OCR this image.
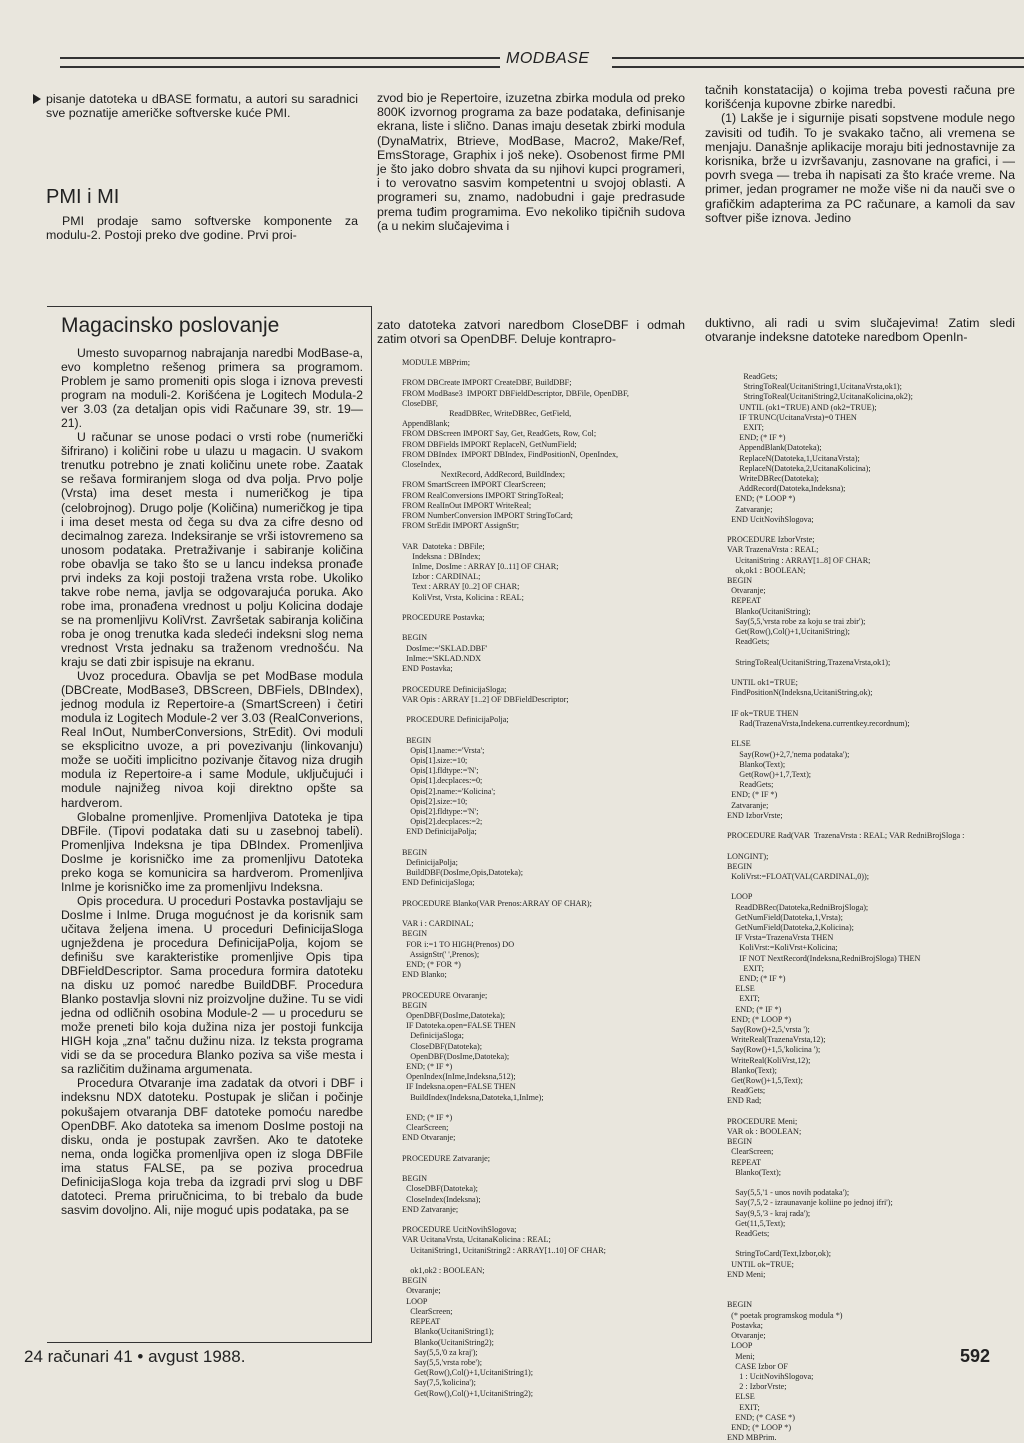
MODBASE

pisanje datoteka u dBASE formatu, a autori su saradnici sve poznatije američke softverske kuće PMI.

PMI i MI

PMI prodaje samo softverske komponente za modulu-2. Postoji preko dve godine. Prvi proi-

zvod bio je Repertoire, izuzetna zbirka modula od preko 800K izvornog programa za baze podataka, definisanje ekrana, liste i slično. Danas imaju desetak zbirki modula (DynaMatrix, Btrieve, ModBase, Macro2, Make/Ref, EmsStorage, Graphix i još neke). Osobenost firme PMI je što jako dobro shvata da su njihovi kupci programeri, i to verovatno sasvim kompetentni u svojoj oblasti. A programeri su, znamo, nadobudni i gaje predrasude prema tuđim programima. Evo nekoliko tipičnih sudova (a u nekim slučajevima i

tačnih konstatacija) o kojima treba povesti računa pre korišćenja kupovne zbirke naredbi.

(1) Lakše je i sigurnije pisati sopstvene module nego zavisiti od tuđih. To je svakako tačno, ali vremena se menjaju. Današnje aplikacije moraju biti jednostavnije za korisnika, brže u izvršavanju, zasnovane na grafici, i — povrh svega — treba ih napisati za što kraće vreme. Na primer, jedan programer ne može više ni da nauči sve o grafičkim adapterima za PC računare, a kamoli da sav softver piše iznova. Jedino

Magacinsko poslovanje

Umesto suvoparnog nabrajanja naredbi ModBase-a, evo kompletno rešenog primera sa programom. Problem je samo promeniti opis sloga i iznova prevesti program na moduli-2. Korišćena je Logitech Modula-2 ver 3.03 (za detaljan opis vidi Računare 39, str. 19—21).

U računar se unose podaci o vrsti robe (numerički šifrirano) i količini robe u ulazu u magacin. U svakom trenutku potrebno je znati količinu unete robe. Zaatak se rešava formiranjem sloga od dva polja. Prvo polje (Vrsta) ima deset mesta i numeričkog je tipa (celobrojnog). Drugo polje (Količina) numeričkog je tipa i ima deset mesta od čega su dva za cifre desno od decimalnog zareza. Indeksiranje se vrši istovremeno sa unosom podataka. Pretraživanje i sabiranje količina robe obavlja se tako što se u lancu indeksa pronađe prvi indeks za koji postoji tražena vrsta robe. Ukoliko takve robe nema, javlja se odgovarajuća poruka. Ako robe ima, pronađena vrednost u polju Kolicina dodaje se na promenljivu KoliVrst. Završetak sabiranja količina roba je onog trenutka kada sledeći indeksni slog nema vrednost Vrsta jednaku sa traženom vrednošću. Na kraju se dati zbir ispisuje na ekranu.

Uvoz procedura. Obavlja se pet ModBase modula (DBCreate, ModBase3, DBScreen, DBFiels, DBIndex), jednog modula iz Repertoire-a (SmartScreen) i četiri modula iz Logitech Module-2 ver 3.03 (RealConverions, Real InOut, NumberConversions, StrEdit). Ovi moduli se eksplicitno uvoze, a pri povezivanju (linkovanju) može se uočiti implicitno pozivanje čitavog niza drugih modula iz Repertoire-a i same Module, uključujući i module najnižeg nivoa koji direktno opšte sa hardverom.

Globalne promenljive. Promenljiva Datoteka je tipa DBFile. (Tipovi podataka dati su u zasebnoj tabeli). Promenljiva Indeksna je tipa DBIndex. Promenljiva DosIme je korisničko ime za promenljivu Datoteka preko koga se komunicira sa hardverom. Promenljiva InIme je korisničko ime za promenljivu Indeksna.

Opis procedura. U proceduri Postavka postavljaju se DosIme i InIme. Druga mogućnost je da korisnik sam učitava željena imena. U proceduri DefinicijaSloga ugnježdena je procedura DefinicijaPolja, kojom se definišu sve karakteristike promenljive Opis tipa DBFieldDescriptor. Sama procedura formira datoteku na disku uz pomoć naredbe BuildDBF. Procedura Blanko postavlja slovni niz proizvoljne dužine. Tu se vidi jedna od odličnih osobina Module-2 — u proceduru se može preneti bilo koja dužina niza jer postoji funkcija HIGH koja „zna” tačnu dužinu niza. Iz teksta programa vidi se da se procedura Blanko poziva sa više mesta i sa različitim dužinama argumenata.

Procedura Otvaranje ima zadatak da otvori i DBF i indeksnu NDX datoteku. Postupak je sličan i počinje pokušajem otvaranja DBF datoteke pomoću naredbe OpenDBF. Ako datoteka sa imenom DosIme postoji na disku, onda je postupak završen. Ako te datoteke nema, onda logička promenljiva open iz sloga DBFile ima status FALSE, pa se poziva procedrua DefinicijaSloga koja treba da izgradi prvi slog u DBF datoteci. Prema priručnicima, to bi trebalo da bude sasvim dovoljno. Ali, nije moguć upis podataka, pa se

zato datoteka zatvori naredbom CloseDBF i odmah zatim otvori sa OpenDBF. Deluje kontrapro-

duktivno, ali radi u svim slučajevima! Zatim sledi otvaranje indeksne datoteke naredbom OpenIn-

MODULE MBPrim;

FROM DBCreate IMPORT CreateDBF, BuildDBF;
FROM ModBase3  IMPORT DBFieldDescriptor, DBFile, OpenDBF,
CloseDBF,
ReadDBRec, WriteDBRec, GetField,
AppendBlank;
FROM DBScreen IMPORT Say, Get, ReadGets, Row, Col;
FROM DBFields IMPORT ReplaceN, GetNumField;
FROM DBIndex  IMPORT DBIndex, FindPositionN, OpenIndex,
CloseIndex,
NextRecord, AddRecord, BuildIndex;
FROM SmartScreen IMPORT ClearScreen;
FROM RealConversions IMPORT StringToReal;
FROM RealInOut IMPORT WriteReal;
FROM NumberConversion IMPORT StringToCard;
FROM StrEdit IMPORT AssignStr;

VAR  Datoteka : DBFile;
Indeksna : DBIndex;
InIme, DosIme : ARRAY [0..11] OF CHAR;
Izbor : CARDINAL;
Text : ARRAY [0..2] OF CHAR;
KoliVrst, Vrsta, Kolicina : REAL;

PROCEDURE Postavka;

BEGIN
DosIme:='SKLAD.DBF'
InIme:='SKLAD.NDX
END Postavka;

PROCEDURE DefinicijaSloga;
VAR Opis : ARRAY [1..2] OF DBFieldDescriptor;

PROCEDURE DefinicijaPolja;

BEGIN
Opis[1].name:='Vrsta';
Opis[1].size:=10;
Opis[1].fldtype:='N';
Opis[1].decplaces:=0;
Opis[2].name:='Kolicina';
Opis[2].size:=10;
Opis[2].fldtype:='N';
Opis[2].decplaces:=2;
END DefinicijaPolja;

BEGIN
DefinicijaPolja;
BuildDBF(DosIme,Opis,Datoteka);
END DefinicijaSloga;

PROCEDURE Blanko(VAR Prenos:ARRAY OF CHAR);

VAR i : CARDINAL;
BEGIN
FOR i:=1 TO HIGH(Prenos) DO
AssignStr(' ',Prenos);
END; (* FOR *)
END Blanko;

PROCEDURE Otvaranje;
BEGIN
OpenDBF(DosIme,Datoteka);
IF Datoteka.open=FALSE THEN
DefinicijaSloga;
CloseDBF(Datoteka);
OpenDBF(DosIme,Datoteka);
END; (* IF *)
OpenIndex(InIme,Indeksna,512);
IF Indeksna.open=FALSE THEN
BuildIndex(Indeksna,Datoteka,1,InIme);

END; (* IF *)
ClearScreen;
END Otvaranje;

PROCEDURE Zatvaranje;

BEGIN
CloseDBF(Datoteka);
CloseIndex(Indeksna);
END Zatvaranje;

PROCEDURE UcitNovihSlogova;
VAR UcitanaVrsta, UcitanaKolicina : REAL;
UcitaniString1, UcitaniString2 : ARRAY[1..10] OF CHAR;

ok1,ok2 : BOOLEAN;
BEGIN
Otvaranje;
LOOP
ClearScreen;
REPEAT
Blanko(UcitaniString1);
Blanko(UcitaniString2);
Say(5,5,'0 za kraj');
Say(5,5,'vrsta robe');
Get(Row(),Col()+1,UcitaniString1);
Say(7,5,'kolicina');
Get(Row(),Col()+1,UcitaniString2);
ReadGets;
StringToReal(UcitaniString1,UcitanaVrsta,ok1);
StringToReal(UcitaniString2,UcitanaKolicina,ok2);
UNTIL (ok1=TRUE) AND (ok2=TRUE);
IF TRUNC(UcitanaVrsta)=0 THEN
EXIT;
END; (* IF *)
AppendBlank(Datoteka);
ReplaceN(Datoteka,1,UcitanaVrsta);
ReplaceN(Datoteka,2,UcitanaKolicina);
WriteDBRec(Datoteka);
AddRecord(Datoteka,Indeksna);
END; (* LOOP *)
Zatvaranje;
END UcitNovihSlogova;

PROCEDURE IzborVrste;
VAR TrazenaVrsta : REAL;
UcitaniString : ARRAY[1..8] OF CHAR;
ok,ok1 : BOOLEAN;
BEGIN
Otvaranje;
REPEAT
Blanko(UcitaniString);
Say(5,5,'vrsta robe za koju se trai zbir');
Get(Row(),Col()+1,UcitaniString);
ReadGets;

StringToReal(UcitaniString,TrazenaVrsta,ok1);

UNTIL ok1=TRUE;
FindPositionN(Indeksna,UcitaniString,ok);

IF ok=TRUE THEN
Rad(TrazenaVrsta,Indekena.currentkey.recordnum);

ELSE
Say(Row()+2,7,'nema podataka');
Blanko(Text);
Get(Row()+1,7,Text);
ReadGets;
END; (* IF *)
Zatvaranje;
END IzborVrste;

PROCEDURE Rad(VAR  TrazenaVrsta : REAL; VAR RedniBrojSloga :

LONGINT);
BEGIN
KoliVrst:=FLOAT(VAL(CARDINAL,0));

LOOP
ReadDBRec(Datoteka,RedniBrojSloga);
GetNumField(Datoteka,1,Vrsta);
GetNumField(Datoteka,2,Kolicina);
IF Vrsta=TrazenaVrsta THEN
KoliVrst:=KoliVrst+Kolicina;
IF NOT NextRecord(Indeksna,RedniBrojSloga) THEN
EXIT;
END; (* IF *)
ELSE
EXIT;
END; (* IF *)
END; (* LOOP *)
Say(Row()+2,5,'vrsta ');
WriteReal(TrazenaVrsta,12);
Say(Row()+1,5,'kolicina ');
WriteReal(KoliVrst,12);
Blanko(Text);
Get(Row()+1,5,Text);
ReadGets;
END Rad;

PROCEDURE Meni;
VAR ok : BOOLEAN;
BEGIN
ClearScreen;
REPEAT
Blanko(Text);

Say(5,5,'1 - unos novih podataka');
Say(7,5,'2 - izraunavanje koliine po jednoj ifri');
Say(9,5,'3 - kraj rada');
Get(11,5,Text);
ReadGets;

StringToCard(Text,Izbor,ok);
UNTIL ok=TRUE;
END Meni;

BEGIN
(* poetak programskog modula *)
Postavka;
Otvaranje;
LOOP
Meni;
CASE Izbor OF
1 : UcitNovihSlogova;
2 : IzborVrste;
ELSE
EXIT;
END; (* CASE *)
END; (* LOOP *)
END MBPrim.
24 računari 41 • avgust 1988.	592
